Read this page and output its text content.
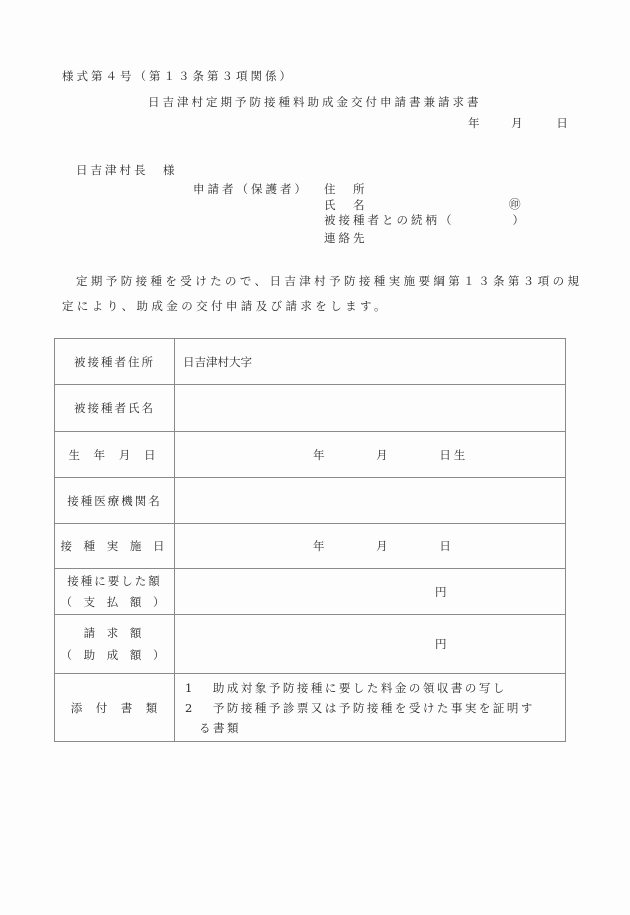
様式第４号（第１３条第３項関係）
日吉津村定期予防接種料助成金交付申請書兼請求書
年	月	日
日吉津村長　様
申請者（保護者） 住　所
氏　名	㊞
被接種者との続柄（　　　　）
連絡先
定期予防接種を受けたので、日吉津村予防接種実施要綱第１３条第３項の規
定により、助成金の交付申請及び請求をします。
被接種者住所	日吉津村大字
被接種者氏名	
生 年 月 日	年 月 日生
接種医療機関名	
接 種 実 施 日	年 月 日

接種に要した額
（ 支 払 額 ）	円

請 求 額
（ 助 成 額 ）	円
添　付　書　類	1 助成対象予防接種に要した料金の領収書の写し
2 予防接種予診票又は予防接種を受けた事実を証明す
る書類
